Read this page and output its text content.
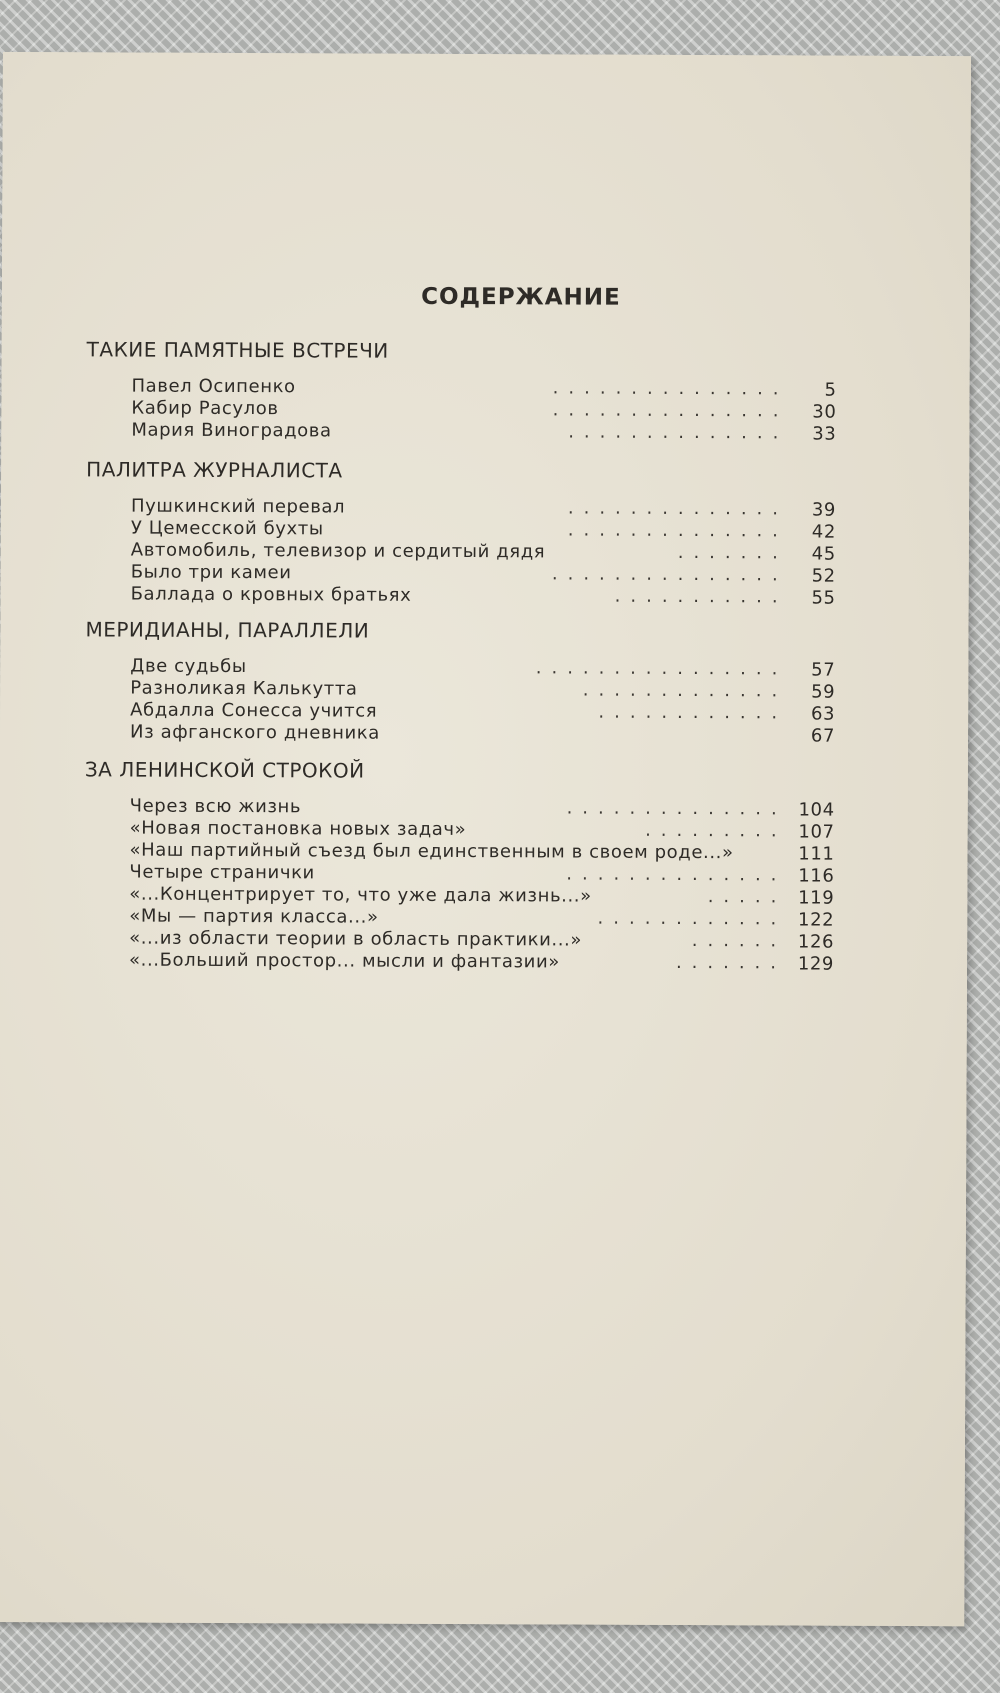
СОДЕРЖАНИЕ
ТАКИЕ ПАМЯТНЫЕ ВСТРЕЧИ
Павел Осипенко	............... 5
Кабир Расулов	............... 30
Мария Виноградова	.............. 33
ПАЛИТРА ЖУРНАЛИСТА
Пушкинский перевал	.............. 39
У Цемесской бухты	.............. 42
Автомобиль, телевизор и сердитый дядя	....... 45
Было три камеи	............... 52
Баллада о кровных братьях	........... 55
МЕРИДИАНЫ, ПАРАЛЛЕЛИ
Две судьбы	................ 57
Разноликая Калькутта	............. 59
Абдалла Сонесса учится	............ 63
Из афганского дневника	67
ЗА ЛЕНИНСКОЙ СТРОКОЙ
Через всю жизнь	.............. 104
«Новая постановка новых задач»	......... 107
«Наш партийный съезд был единственным в своем роде...»	111
Четыре странички	.............. 116
«...Концентрирует то, что уже дала жизнь...»	..... 119
«Мы — партия класса...»	............ 122
«...из области теории в область практики...»	...... 126
«...Больший простор... мысли и фантазии»	....... 129
